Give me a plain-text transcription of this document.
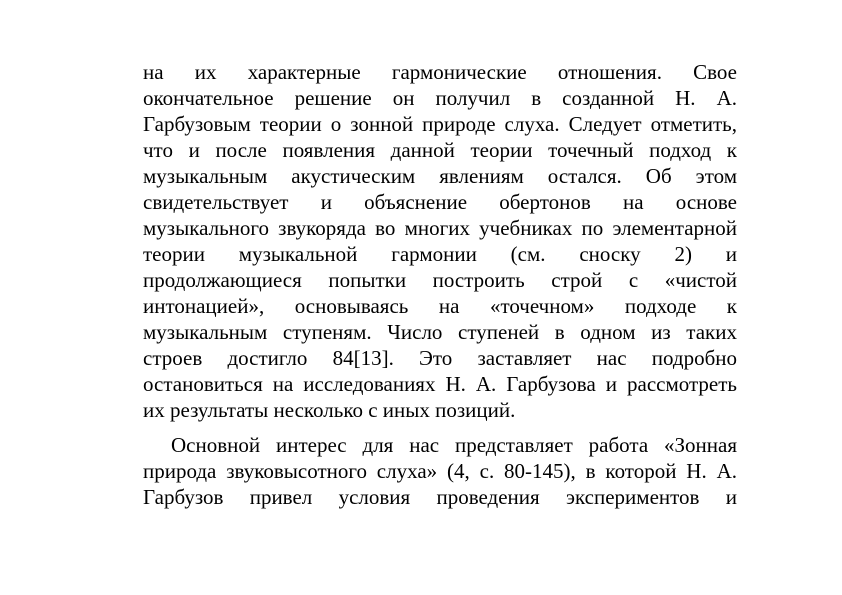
на их характерные гармонические отношения. Свое
окончательное решение он получил в созданной Н. А.
Гарбузовым теории о зонной природе слуха. Следует отметить,
что и после появления данной теории точечный подход к
музыкальным акустическим явлениям остался. Об этом
свидетельствует и объяснение обертонов на основе
музыкального звукоряда во многих учебниках по элементарной
теории музыкальной гармонии (см. сноску 2) и
продолжающиеся попытки построить строй с «чистой
интонацией», основываясь на «точечном» подходе к
музыкальным ступеням. Число ступеней в одном из таких
строев достигло 84[13]. Это заставляет нас подробно
остановиться на исследованиях Н. А. Гарбузова и рассмотреть
их результаты несколько с иных позиций.
Основной интерес для нас представляет работа «Зонная
природа звуковысотного слуха» (4, с. 80-145), в которой Н. А.
Гарбузов привел условия проведения экспериментов и
